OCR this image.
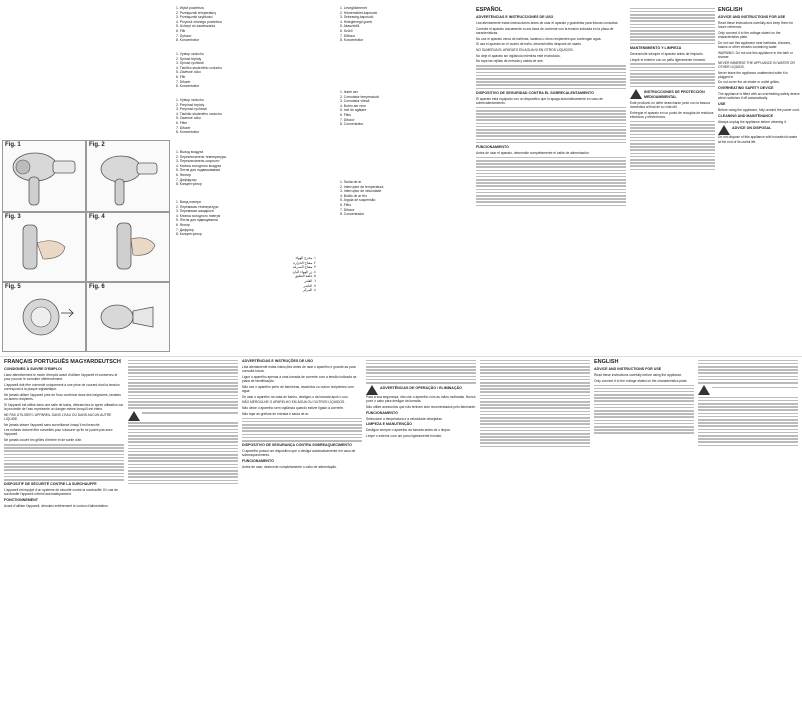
Fig. 1	Fig. 2
Fig. 3	Fig. 4
Fig. 5	Fig. 6
1. Wylot powietrza
2. Przełącznik temperatury
3. Przełącznik szybkości
4. Przycisk zimnego powietrza
5. Uchwyt do zawieszania
6. Filtr
7. Dyfuzor
8. Koncentrator
1. Výstup vzduchu
2. Spínač teploty
3. Spínač rychlosti
4. Tlačítko studeného vzduchu
5. Závěsné očko
6. Filtr
7. Difuzér
8. Koncentrátor
1. Výstup vzduchu
2. Prepínač teploty
3. Prepínač rýchlosti
4. Tlačidlo studeného vzduchu
5. Závesné očko
6. Filter
7. Difuzér
8. Koncentrátor
1. Выход воздуха
2. Переключатель температуры
3. Переключатель скорости
4. Кнопка холодного воздуха
5. Петля для подвешивания
6. Фильтр
7. Диффузор
8. Концентратор
1. Вихід повітря
2. Перемикач температури
3. Перемикач швидкості
4. Кнопка холодного повітря
5. Петля для підвішування
6. Фільтр
7. Дифузор
8. Концентратор
١. مخرج الهواء
٢. مفتاح الحرارة
٣. مفتاح السرعة
٤. زر الهواء البارد
٥. حلقة التعليق
٦. الفلتر
٧. الناشر
٨. المركز
1. Levegőkimenet
2. Hőmérséklet-kapcsoló
3. Sebesség-kapcsoló
4. Hideglevegő gomb
5. Akasztófül
6. Szűrő
7. Diffúzor
8. Koncentrátor
1. Ieșire aer
2. Comutator temperatură
3. Comutator viteză
4. Buton aer rece
5. Inel de agățare
6. Filtru
7. Difuzor
8. Concentrator
1. Saída de ar
2. Interruptor de temperatura
3. Interruptor de velocidade
4. Botão de ar frio
5. Argola de suspensão
6. Filtro
7. Difusor
8. Concentrador
ESPAÑOL
ADVERTENCIAS E INSTRUCCIONES DE USO

Lea atentamente estas instrucciones antes de usar el aparato y guárdelas para futuras consultas.

Conecte el aparato únicamente a una toma de corriente con la tensión indicada en la placa de características.

No use el aparato cerca de bañeras, lavabos u otros recipientes que contengan agua.

Si usa el aparato en el cuarto de baño, desenchúfelo después de usarlo.

NO SUMERJA EL APARATO EN AGUA NI EN OTROS LÍQUIDOS.

No deje el aparato sin vigilancia mientras esté enchufado.

No tape las rejillas de entrada y salida de aire.

DISPOSITIVO DE SEGURIDAD CONTRA EL SOBRECALENTAMIENTO

El aparato está equipado con un dispositivo que lo apaga automáticamente en caso de sobrecalentamiento.

FUNCIONAMIENTO

Antes de usar el aparato, desenrolle completamente el cable de alimentación.

MANTENIMIENTO Y LIMPIEZA

Desenchufe siempre el aparato antes de limpiarlo.

Limpie el exterior con un paño ligeramente húmedo.

INSTRUCCIONES DE PROTECCIÓN MEDIOAMBIENTAL

Este producto no debe desecharse junto con la basura doméstica al final de su vida útil.

Entregue el aparato en un punto de recogida de residuos eléctricos y electrónicos.

ENGLISH
ADVICE AND INSTRUCTIONS FOR USE

Read these instructions carefully and keep them for future reference.

Only connect it to the voltage stated on the characteristics plate.

Do not use this appliance near bathtubs, showers, basins or other vessels containing water.

WARNING: Do not use this appliance in the bath or shower.

NEVER IMMERSE THE APPLIANCE IN WATER OR OTHER LIQUIDS.

Never leave the appliance unattended while it is plugged in.

Do not cover the air intake or outlet grilles.

OVERHEATING SAFETY DEVICE

The appliance is fitted with an overheating safety device which switches it off automatically.

USE

Before using the appliance, fully unwind the power cord.

CLEANING AND MAINTENANCE

Always unplug the appliance before cleaning it.

ADVICE ON DISPOSAL

Do not dispose of this appliance with household waste at the end of its useful life.

FRANÇAIS PORTUGUÊS MAGYARDEUTSCH
CONSIGNES À SUIVRE D'EMPLOI

Lisez attentivement le mode d'emploi avant d'utiliser l'appareil et conservez-le pour pouvoir le consulter ultérieurement.

L'appareil doit être connecté uniquement à une prise de courant dont la tension correspond à la plaque signalétique.

Ne jamais utiliser l'appareil près de l'eau contenue dans des baignoires, lavabos ou autres récipients.

Si l'appareil est utilisé dans une salle de bains, débranchez-le après utilisation car la proximité de l'eau représente un danger même lorsqu'il est éteint.

NE PAS UTILISER L'APPAREIL DANS L'EAU OU DANS AUCUN AUTRE LIQUIDE.

Ne jamais laisser l'appareil sans surveillance lorsqu'il est branché.

Les enfants doivent être surveillés pour s'assurer qu'ils ne jouent pas avec l'appareil.

Ne jamais couvrir les grilles d'entrée et de sortie d'air.

DISPOSITIF DE SÉCURITÉ CONTRE LA SURCHAUFFE

L'appareil est équipé d'un système de sécurité contre la surchauffe. En cas de surchauffe l'appareil s'éteint automatiquement.

FONCTIONNEMENT

Avant d'utiliser l'appareil, déroulez entièrement le cordon d'alimentation.

ADVERTÊNCIAS E INSTRUÇÕES DE USO

Leia atentamente estas instruções antes de usar o aparelho e guarde-as para consulta futura.

Ligue o aparelho apenas a uma tomada de corrente com a tensão indicada na placa de identificação.

Não use o aparelho perto de banheiras, lavatórios ou outros recipientes com água.

Se usar o aparelho na casa de banho, desligue-o da tomada após o uso.

NÃO MERGULHE O APARELHO EM ÁGUA OU OUTROS LÍQUIDOS.

Não deixe o aparelho sem vigilância quando estiver ligado à corrente.

Não tape as grelhas de entrada e saída de ar.

DISPOSITIVO DE SEGURANÇA CONTRA SOBREAQUECIMENTO

O aparelho possui um dispositivo que o desliga automaticamente em caso de sobreaquecimento.

FUNCIONAMENTO

Antes de usar, desenrole completamente o cabo de alimentação.

ADVERTÊNCIAS DE OPERAÇÃO / ELIMINAÇÃO

Para a sua segurança, não use o aparelho com as mãos molhadas. Nunca puxe o cabo para desligar da tomada.

Não utilize acessórios que não tenham sido recomendados pelo fabricante.

FUNCIONAMENTO

Seleccione a temperatura e a velocidade desejadas.

LIMPEZA E MANUTENÇÃO

Desligue sempre o aparelho da tomada antes de o limpar.

Limpe o exterior com um pano ligeiramente húmido.

ENGLISH
ADVICE AND INSTRUCTIONS FOR USE

Read these instructions carefully before using the appliance.

Only connect it to the voltage stated on the characteristics plate.
